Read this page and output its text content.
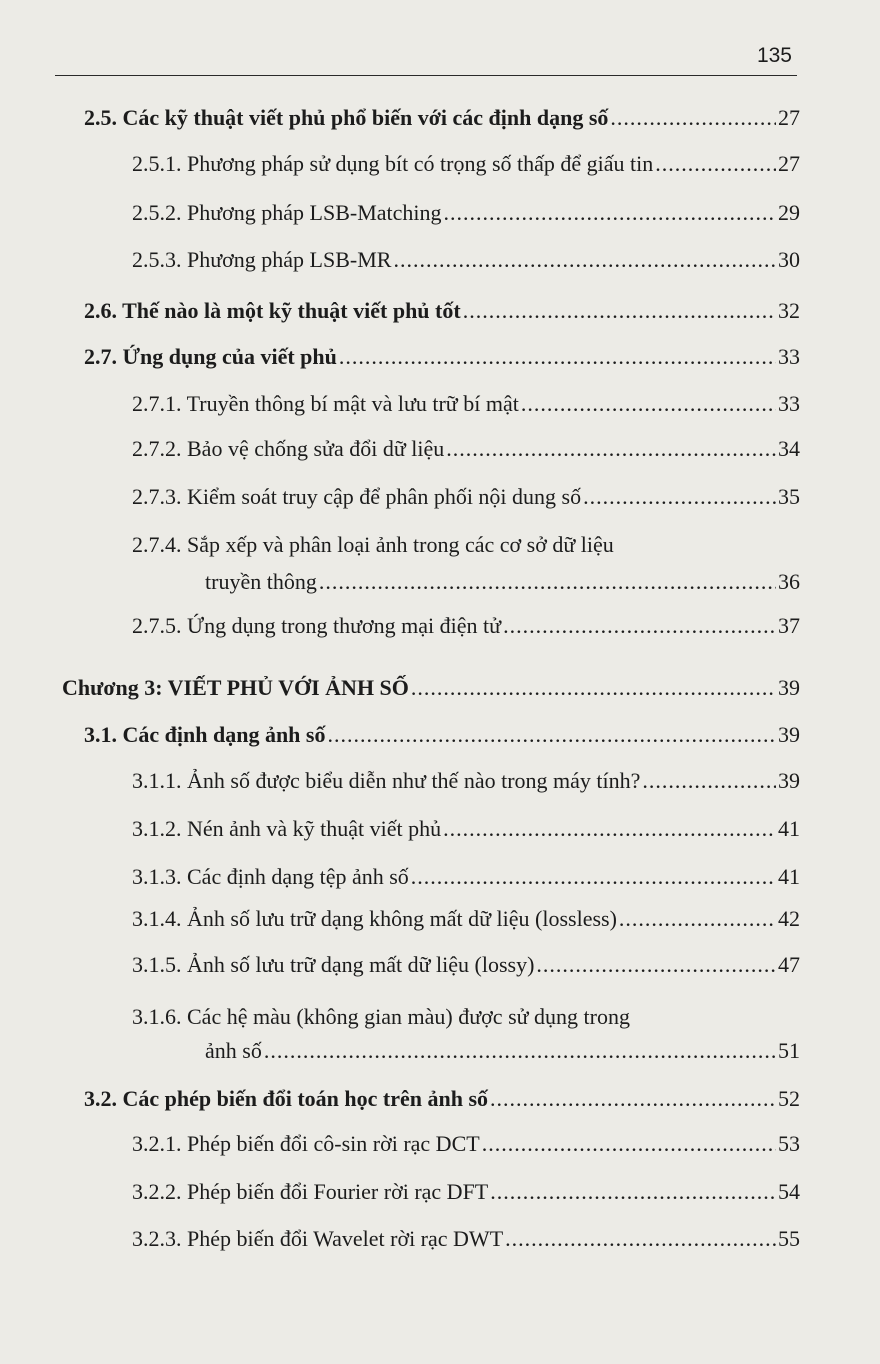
135
2.5. Các kỹ thuật viết phủ phổ biến với các định dạng số .....	27
2.5.1. Phương pháp sử dụng bít có trọng số thấp để giấu tin .....	27
2.5.2. Phương pháp LSB-Matching .....	29
2.5.3. Phương pháp LSB-MR .....	30
2.6. Thế nào là một kỹ thuật viết phủ tốt .....	32
2.7. Ứng dụng của viết phủ .....	33
2.7.1. Truyền thông bí mật và lưu trữ bí mật .....	33
2.7.2. Bảo vệ chống sửa đổi dữ liệu .....	34
2.7.3. Kiểm soát truy cập để phân phối nội dung số .....	35
2.7.4. Sắp xếp và phân loại ảnh trong các cơ sở dữ liệu
truyền thông .....	36
2.7.5. Ứng dụng trong thương mại điện tử .....	37
Chương 3: VIẾT PHỦ VỚI ẢNH SỐ .....	39
3.1. Các định dạng ảnh số .....	39
3.1.1. Ảnh số được biểu diễn như thế nào trong máy tính? .....	39
3.1.2. Nén ảnh và kỹ thuật viết phủ .....	41
3.1.3. Các định dạng tệp ảnh số .....	41
3.1.4. Ảnh số lưu trữ dạng không mất dữ liệu (lossless) .....	42
3.1.5. Ảnh số lưu trữ dạng mất dữ liệu (lossy) .....	47
3.1.6. Các hệ màu (không gian màu) được sử dụng trong
ảnh số .....	51
3.2. Các phép biến đổi toán học trên ảnh số .....	52
3.2.1. Phép biến đổi cô-sin rời rạc DCT .....	53
3.2.2. Phép biến đổi Fourier rời rạc DFT .....	54
3.2.3. Phép biến đổi Wavelet rời rạc DWT .....	55
